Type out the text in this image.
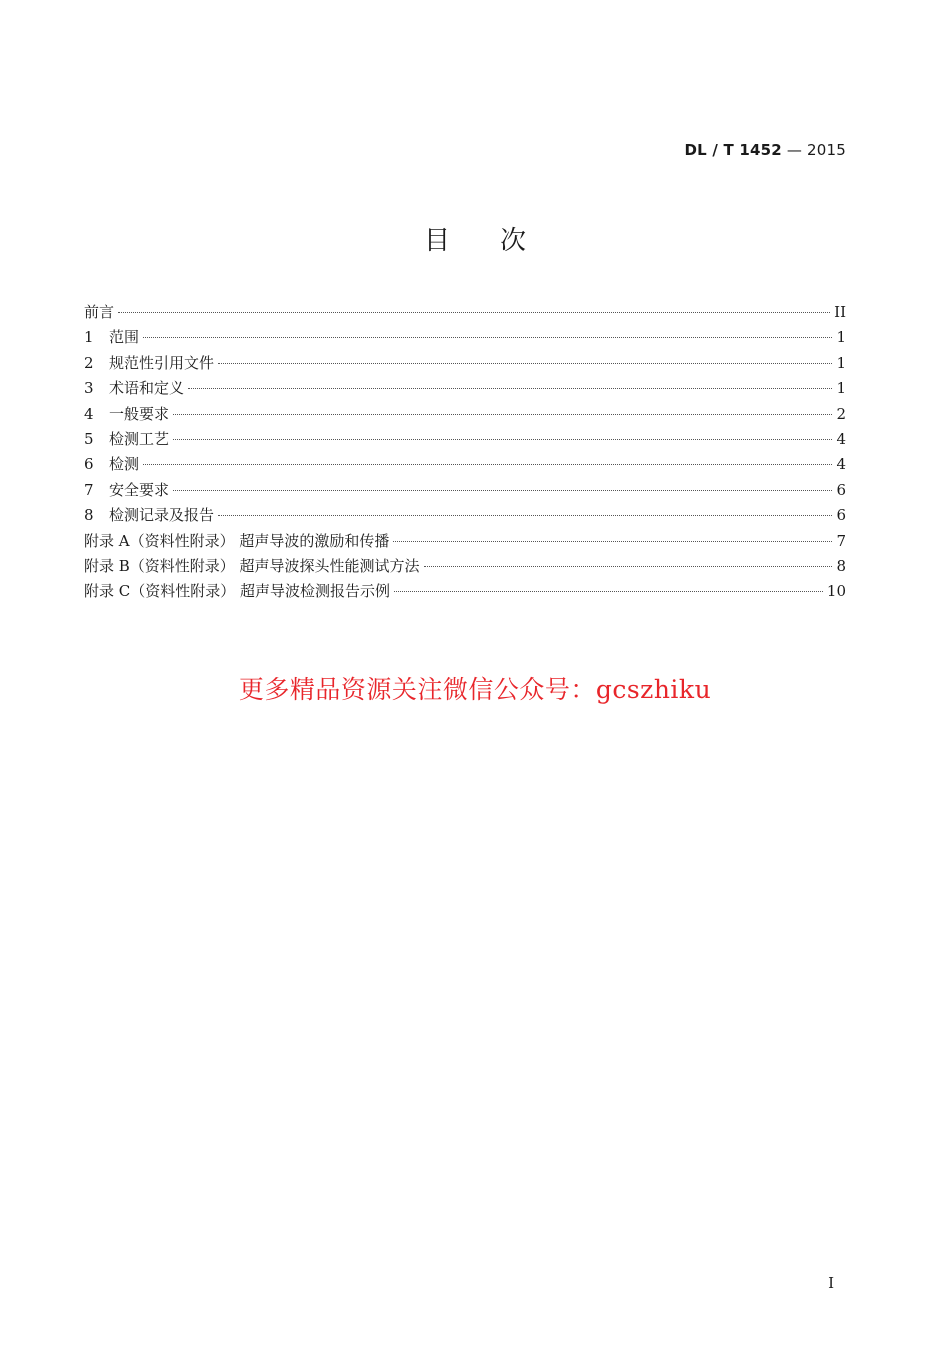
DL / T 1452 — 2015
目次
前言	II
1	范围	1
2	规范性引用文件	1
3	术语和定义	1
4	一般要求	2
5	检测工艺	4
6	检测	4
7	安全要求	6
8	检测记录及报告	6
附录 A（资料性附录） 超声导波的激励和传播	7
附录 B（资料性附录） 超声导波探头性能测试方法	8
附录 C（资料性附录） 超声导波检测报告示例	10
更多精品资源关注微信公众号：gcszhiku
I
